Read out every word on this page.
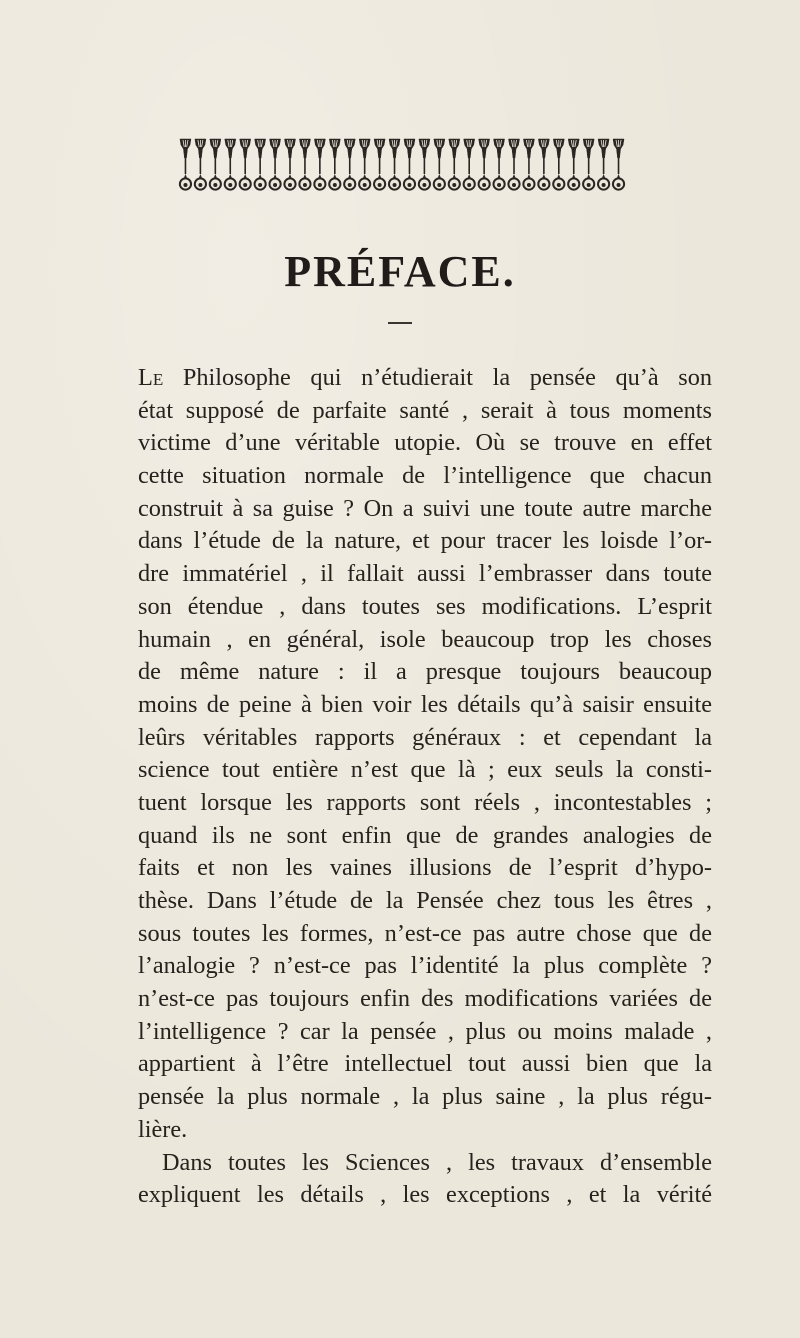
PRÉFACE.
Le Philosophe qui n’étudierait la pensée qu’à son
état supposé de parfaite santé , serait à tous moments
victime d’une véritable utopie. Où se trouve en effet
cette situation normale de l’intelligence que chacun
construit à sa guise ? On a suivi une toute autre marche
dans l’étude de la nature, et pour tracer les loisde l’or-
dre immatériel , il fallait aussi l’embrasser dans toute
son étendue , dans toutes ses modifications. L’esprit
humain , en général, isole beaucoup trop les choses
de même nature : il a presque toujours beaucoup
moins de peine à bien voir les détails qu’à saisir ensuite
leûrs véritables rapports généraux : et cependant la
science tout entière n’est que là ; eux seuls la consti-
tuent lorsque les rapports sont réels , incontestables ;
quand ils ne sont enfin que de grandes analogies de
faits et non les vaines illusions de l’esprit d’hypo-
thèse. Dans l’étude de la Pensée chez tous les êtres ,
sous toutes les formes, n’est-ce pas autre chose que de
l’analogie ? n’est-ce pas l’identité la plus complète ?
n’est-ce pas toujours enfin des modifications variées de
l’intelligence ? car la pensée , plus ou moins malade ,
appartient à l’être intellectuel tout aussi bien que la
pensée la plus normale , la plus saine , la plus régu-
lière.
Dans toutes les Sciences , les travaux d’ensemble
expliquent les détails , les exceptions , et la vérité
